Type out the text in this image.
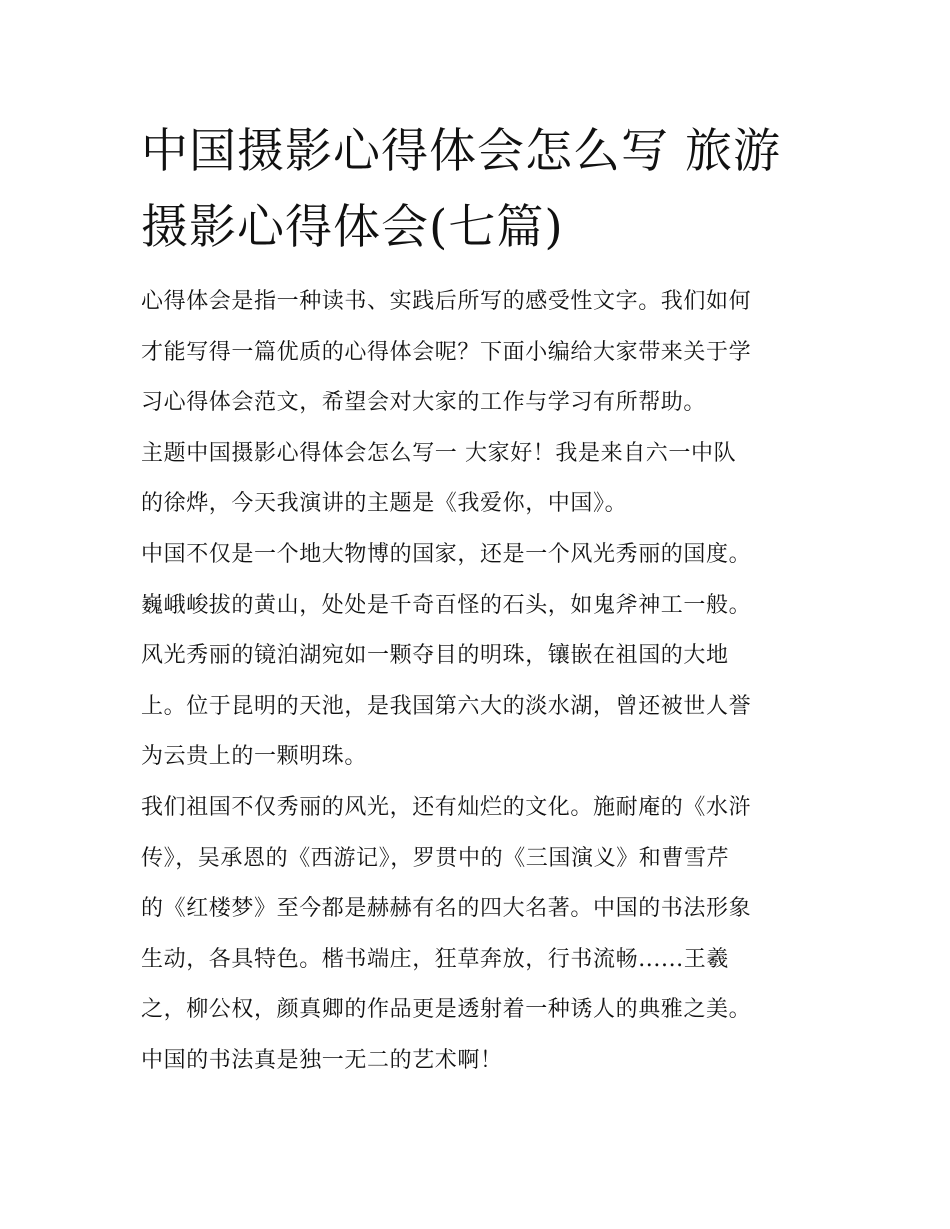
中国摄影心得体会怎么写 旅游
摄影心得体会(七篇)

心得体会是指一种读书、实践后所写的感受性文字。我们如何
才能写得一篇优质的心得体会呢？下面小编给大家带来关于学
习心得体会范文，希望会对大家的工作与学习有所帮助。

主题中国摄影心得体会怎么写一 大家好！我是来自六一中队
的徐烨，今天我演讲的主题是《我爱你，中国》。

中国不仅是一个地大物博的国家，还是一个风光秀丽的国度。
巍峨峻拔的黄山，处处是千奇百怪的石头，如鬼斧神工一般。
风光秀丽的镜泊湖宛如一颗夺目的明珠，镶嵌在祖国的大地
上。位于昆明的天池，是我国第六大的淡水湖，曾还被世人誉
为云贵上的一颗明珠。

我们祖国不仅秀丽的风光，还有灿烂的文化。施耐庵的《水浒
传》，吴承恩的《西游记》，罗贯中的《三国演义》和曹雪芹
的《红楼梦》至今都是赫赫有名的四大名著。中国的书法形象
生动，各具特色。楷书端庄，狂草奔放，行书流畅......王羲
之，柳公权，颜真卿的作品更是透射着一种诱人的典雅之美。
中国的书法真是独一无二的艺术啊！
